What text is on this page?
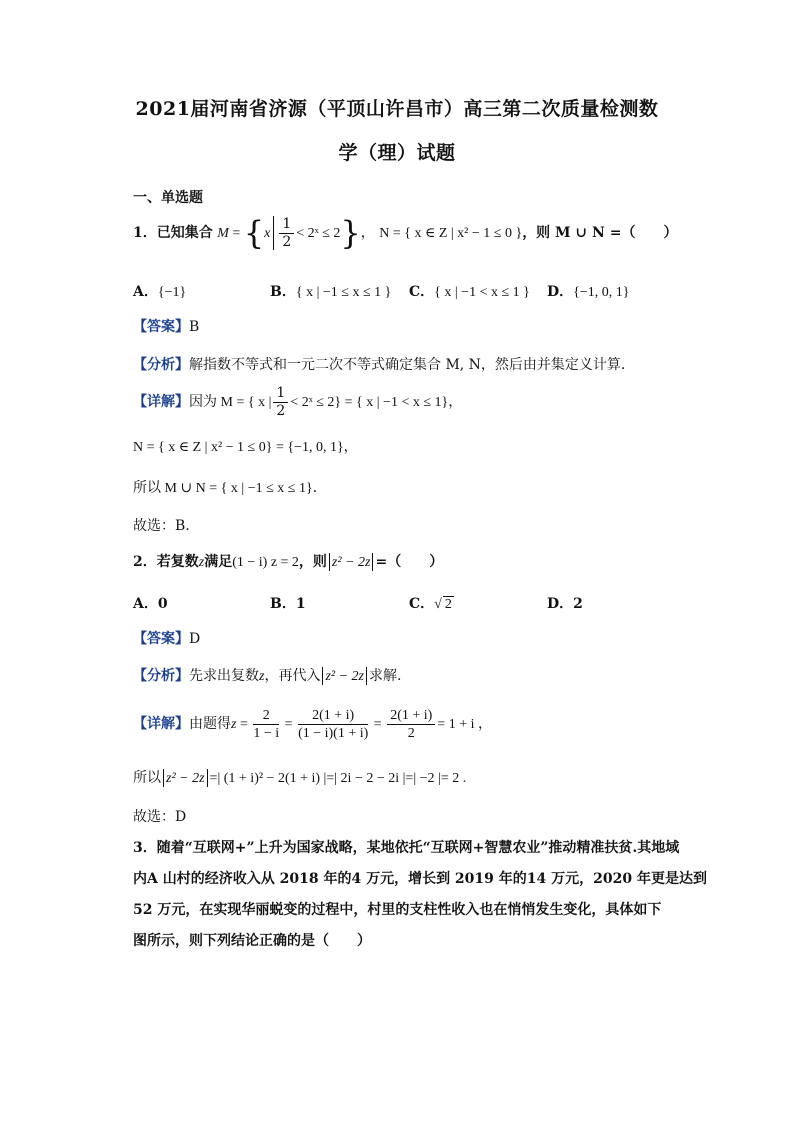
2021届河南省济源（平顶山许昌市）高三第二次质量检测数
学（理）试题
一、单选题
1．已知集合 $M = \{x \frac{1}{2}$ < 2ˣ ≤ 2}， N = { x ∈ Z | x² − 1 ≤ 0 }，则 M ∪ N =（　　）
A．{−1}	B．{ x | −1 ≤ x ≤ 1 } C．{ x | −1 < x ≤ 1 } D．{−1, 0, 1}
【答案】B
【分析】解指数不等式和一元二次不等式确定集合 M, N，然后由并集定义计算．
【详解】因为 M = { x | $\frac{1}{2}$ < 2ˣ ≤ 2} = { x | −1 < x ≤ 1}，
N = { x ∈ Z | x² − 1 ≤ 0} = {−1, 0, 1}，
所以 M ∪ N = { x | −1 ≤ x ≤ 1}．
故选：B.
2．若复数z满足(1 − i) z = 2，则 z² − 2z =（　　）
A．0	B．1	C．√ 2	D．2
【答案】D
【分析】先求出复数z，再代入 z² − 2z 求解.
【详解】由题得$z = \frac{2}{1 - i} = \frac{2(1 + i)}{(1 - i)(1 + i)} = \frac{2(1 + i)}{2} = 1 + i$ ，
所以 z² − 2z =| (1 + i)² − 2(1 + i) |=| 2i − 2 − 2i |=| −2 |= 2 .
故选：D
3．随着“互联网+”上升为国家战略，某地依托“互联网+智慧农业”推动精准扶贫.其地域
内A 山村的经济收入从 2018 年的4 万元，增长到 2019 年的14 万元，2020 年更是达到
52 万元，在实现华丽蜕变的过程中，村里的支柱性收入也在悄悄发生变化，具体如下
图所示，则下列结论正确的是（　　）
